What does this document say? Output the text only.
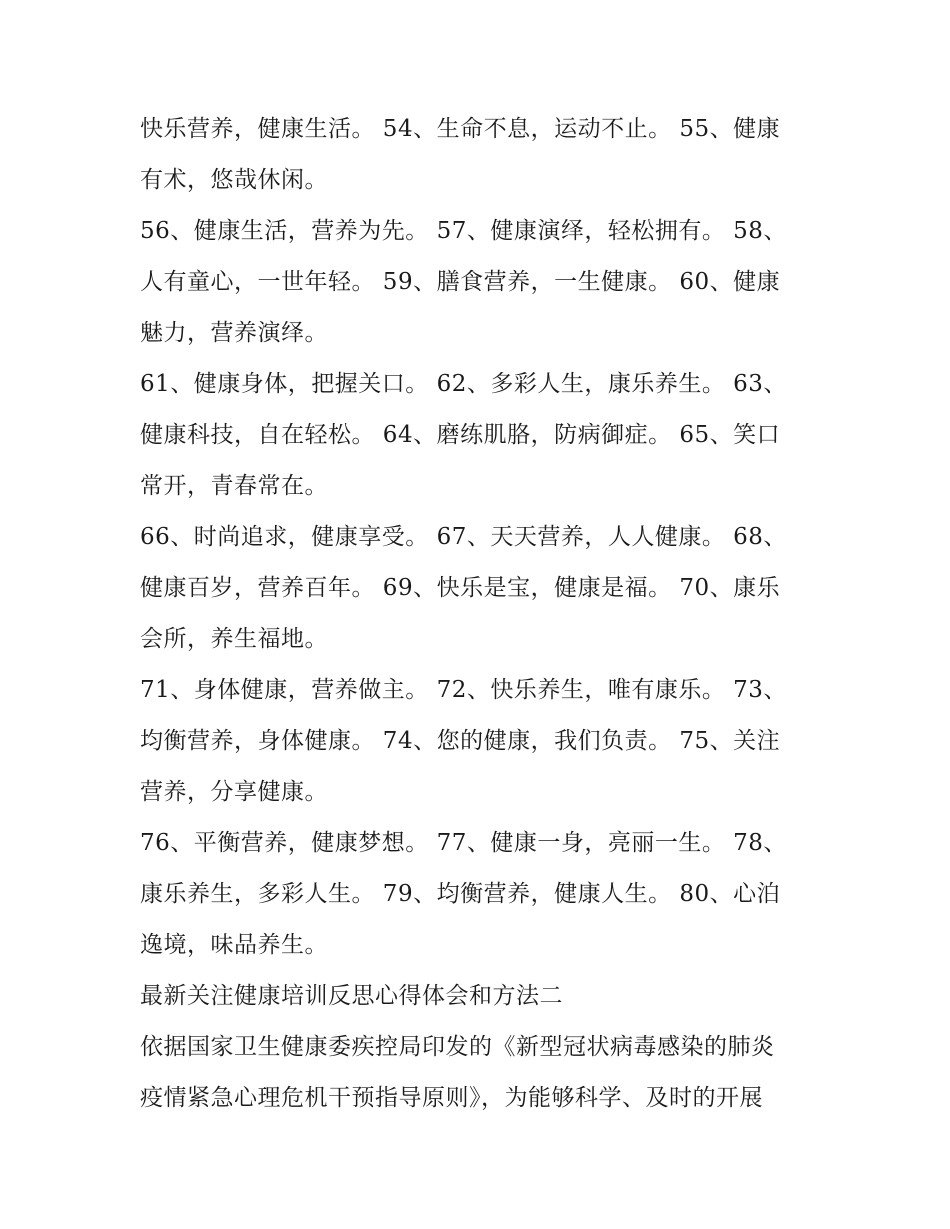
快乐营养，健康生活。 54、生命不息，运动不止。 55、健康
有术，悠哉休闲。
56、健康生活，营养为先。 57、健康演绎，轻松拥有。 58、
人有童心，一世年轻。 59、膳食营养，一生健康。 60、健康
魅力，营养演绎。
61、健康身体，把握关口。 62、多彩人生，康乐养生。 63、
健康科技，自在轻松。 64、磨练肌胳，防病御症。 65、笑口
常开，青春常在。
66、时尚追求，健康享受。 67、天天营养，人人健康。 68、
健康百岁，营养百年。 69、快乐是宝，健康是福。 70、康乐
会所，养生福地。
71、身体健康，营养做主。 72、快乐养生，唯有康乐。 73、
均衡营养，身体健康。 74、您的健康，我们负责。 75、关注
营养，分享健康。
76、平衡营养，健康梦想。 77、健康一身，亮丽一生。 78、
康乐养生，多彩人生。 79、均衡营养，健康人生。 80、心泊
逸境，味品养生。
最新关注健康培训反思心得体会和方法二
依据国家卫生健康委疾控局印发的《新型冠状病毒感染的肺炎
疫情紧急心理危机干预指导原则》，为能够科学、及时的开展
